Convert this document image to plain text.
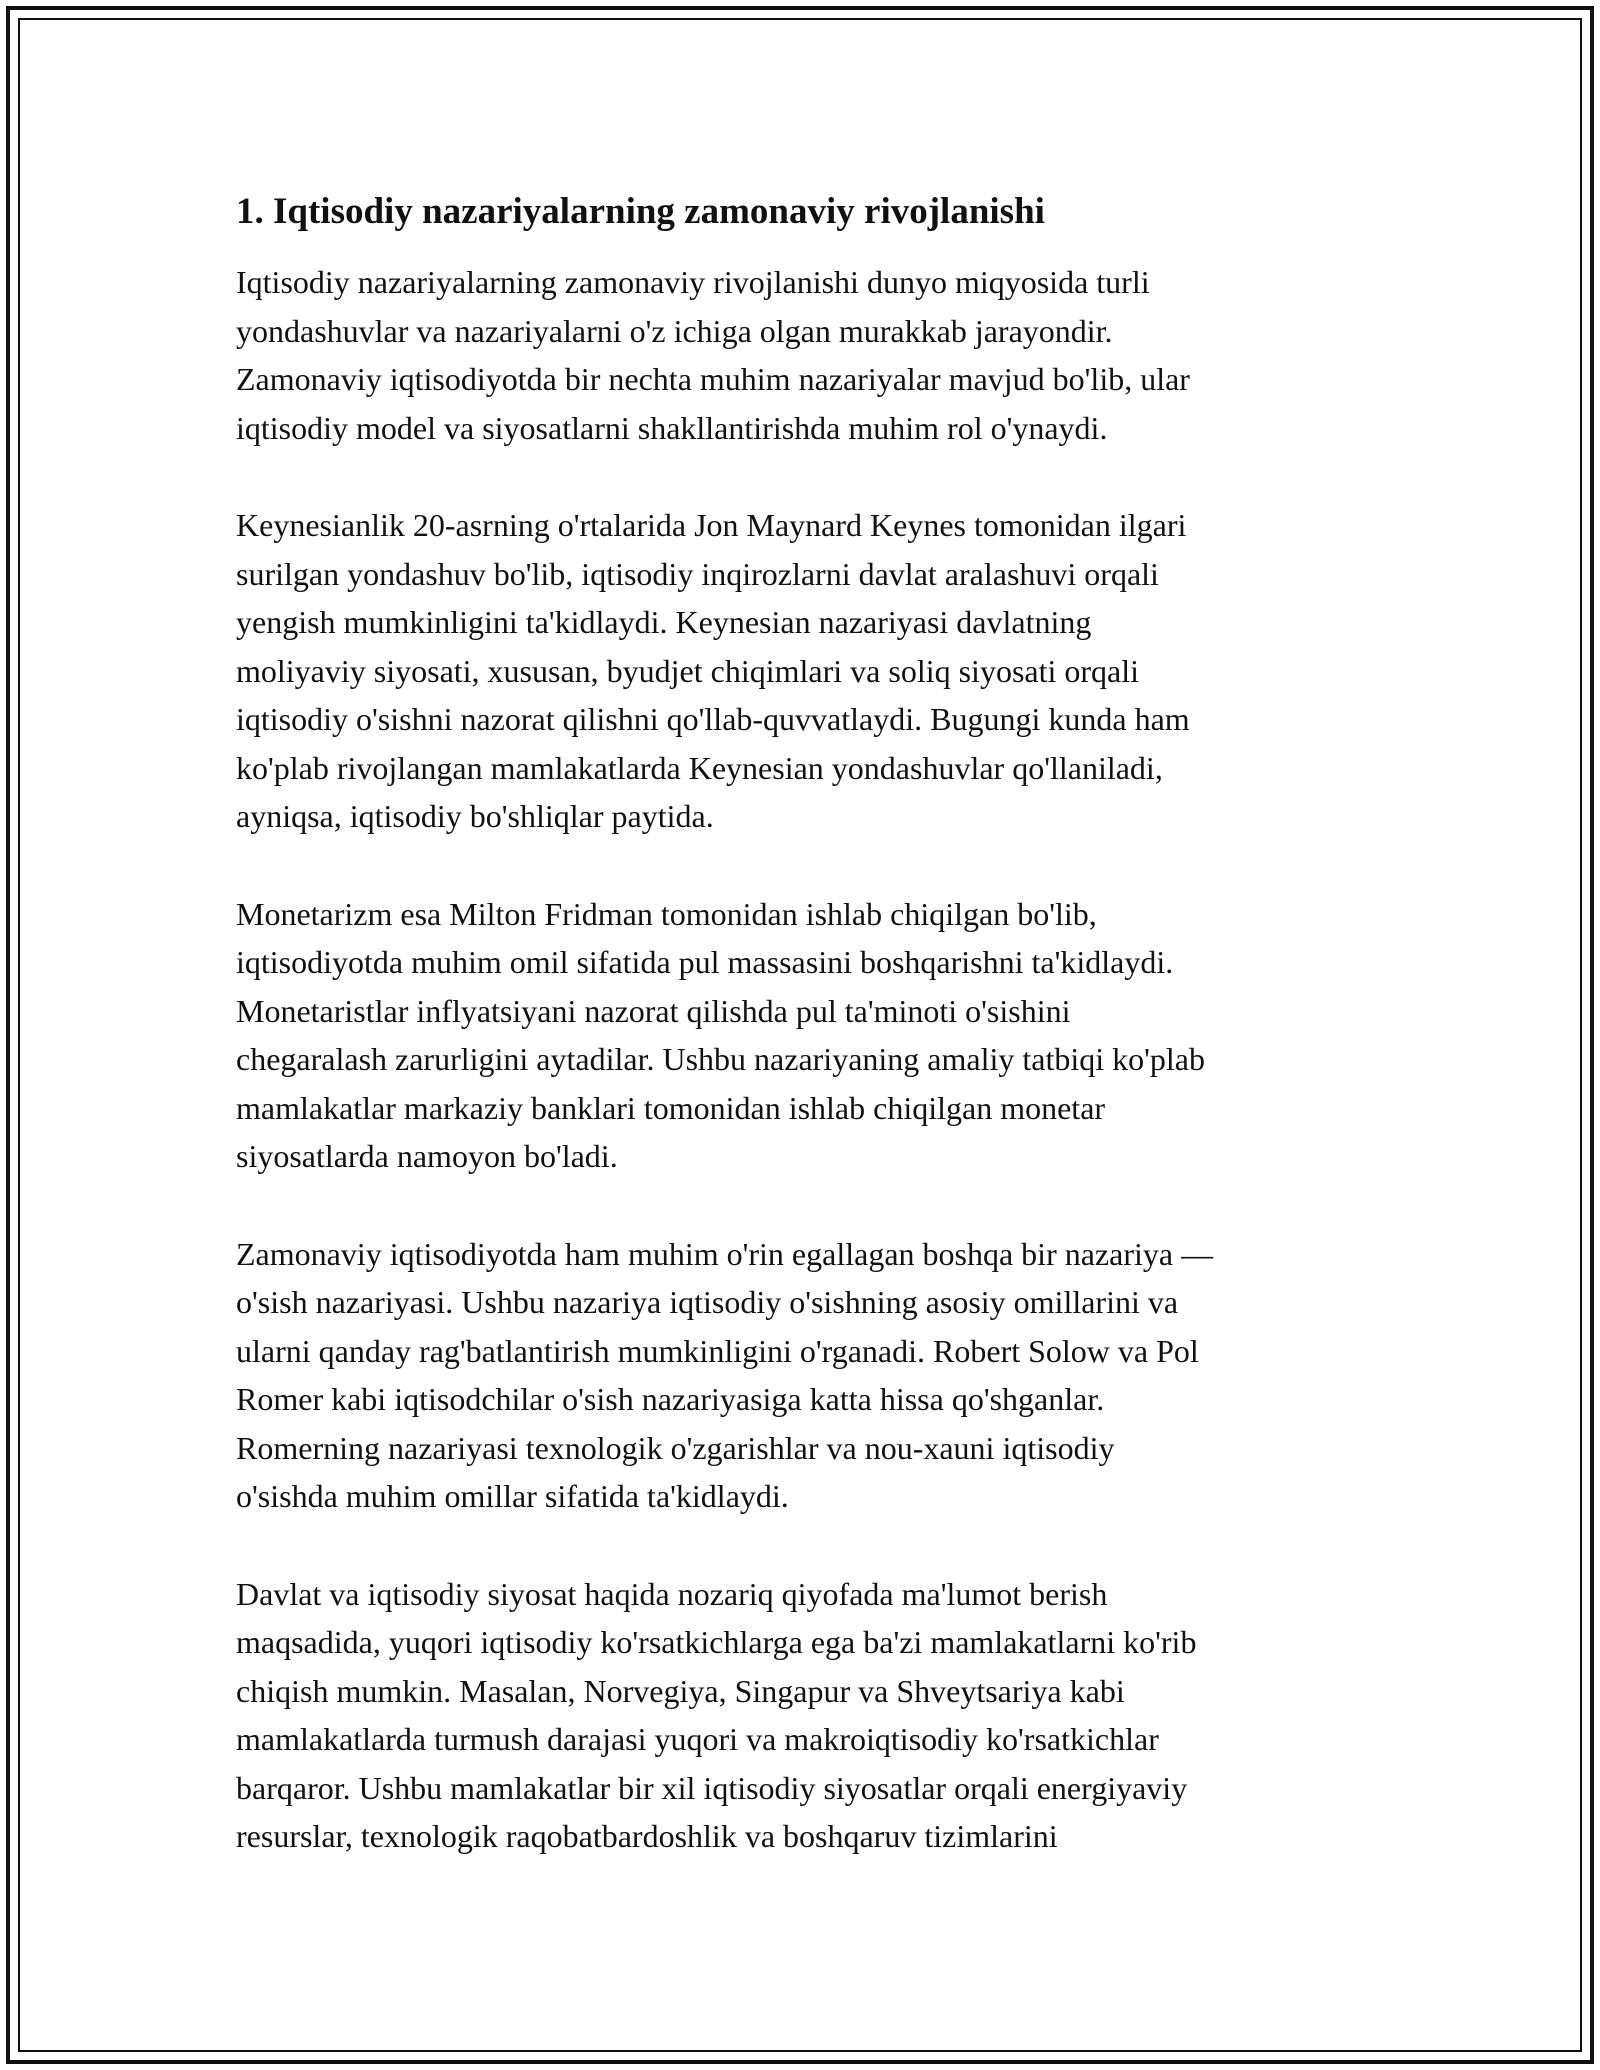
1. Iqtisodiy nazariyalarning zamonaviy rivojlanishi
Iqtisodiy nazariyalarning zamonaviy rivojlanishi dunyo miqyosida turli
yondashuvlar va nazariyalarni o'z ichiga olgan murakkab jarayondir.
Zamonaviy iqtisodiyotda bir nechta muhim nazariyalar mavjud bo'lib, ular
iqtisodiy model va siyosatlarni shakllantirishda muhim rol o'ynaydi.
Keynesianlik 20-asrning o'rtalarida Jon Maynard Keynes tomonidan ilgari
surilgan yondashuv bo'lib, iqtisodiy inqirozlarni davlat aralashuvi orqali
yengish mumkinligini ta'kidlaydi. Keynesian nazariyasi davlatning
moliyaviy siyosati, xususan, byudjet chiqimlari va soliq siyosati orqali
iqtisodiy o'sishni nazorat qilishni qo'llab-quvvatlaydi. Bugungi kunda ham
ko'plab rivojlangan mamlakatlarda Keynesian yondashuvlar qo'llaniladi,
ayniqsa, iqtisodiy bo'shliqlar paytida.
Monetarizm esa Milton Fridman tomonidan ishlab chiqilgan bo'lib,
iqtisodiyotda muhim omil sifatida pul massasini boshqarishni ta'kidlaydi.
Monetaristlar inflyatsiyani nazorat qilishda pul ta'minoti o'sishini
chegaralash zarurligini aytadilar. Ushbu nazariyaning amaliy tatbiqi ko'plab
mamlakatlar markaziy banklari tomonidan ishlab chiqilgan monetar
siyosatlarda namoyon bo'ladi.
Zamonaviy iqtisodiyotda ham muhim o'rin egallagan boshqa bir nazariya —
o'sish nazariyasi. Ushbu nazariya iqtisodiy o'sishning asosiy omillarini va
ularni qanday rag'batlantirish mumkinligini o'rganadi. Robert Solow va Pol
Romer kabi iqtisodchilar o'sish nazariyasiga katta hissa qo'shganlar.
Romerning nazariyasi texnologik o'zgarishlar va nou-xauni iqtisodiy
o'sishda muhim omillar sifatida ta'kidlaydi.
Davlat va iqtisodiy siyosat haqida nozariq qiyofada ma'lumot berish
maqsadida, yuqori iqtisodiy ko'rsatkichlarga ega ba'zi mamlakatlarni ko'rib
chiqish mumkin. Masalan, Norvegiya, Singapur va Shveytsariya kabi
mamlakatlarda turmush darajasi yuqori va makroiqtisodiy ko'rsatkichlar
barqaror. Ushbu mamlakatlar bir xil iqtisodiy siyosatlar orqali energiyaviy
resurslar, texnologik raqobatbardoshlik va boshqaruv tizimlarini
